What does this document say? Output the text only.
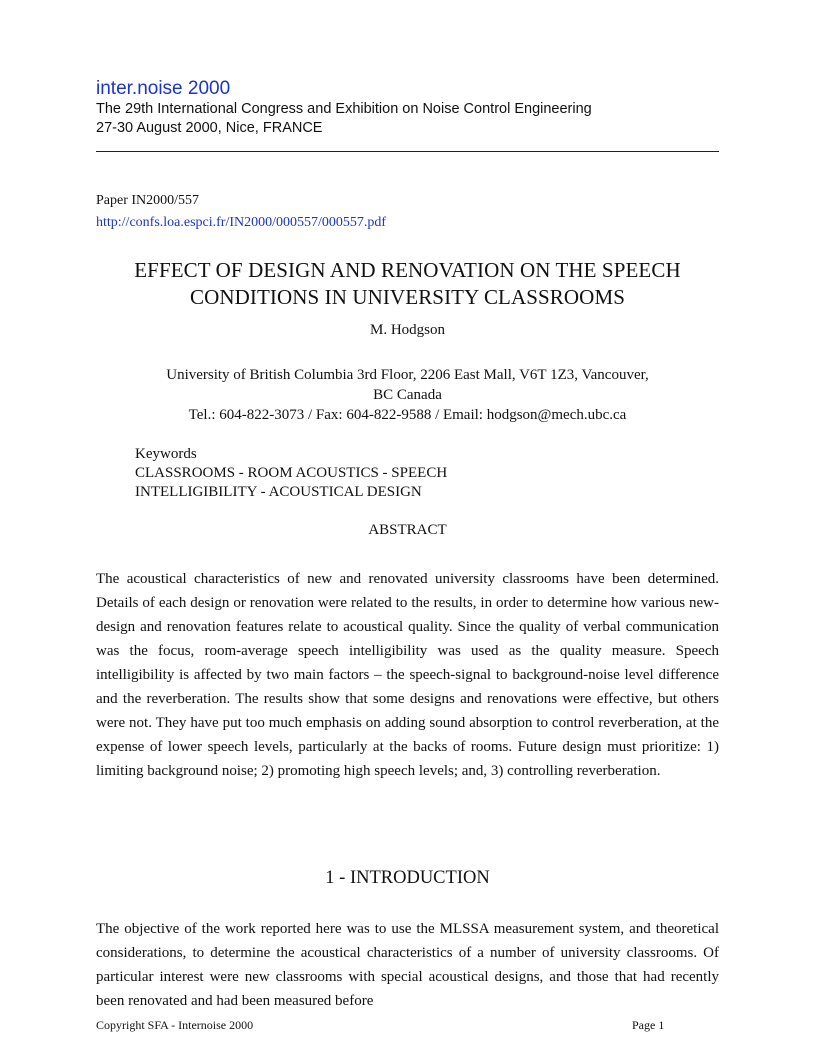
inter.noise 2000
The 29th International Congress and Exhibition on Noise Control Engineering
27-30 August 2000, Nice, FRANCE
Paper IN2000/557
http://confs.loa.espci.fr/IN2000/000557/000557.pdf
EFFECT OF DESIGN AND RENOVATION ON THE SPEECH
CONDITIONS IN UNIVERSITY CLASSROOMS
M. Hodgson
University of British Columbia 3rd Floor, 2206 East Mall, V6T 1Z3, Vancouver,
BC Canada
Tel.: 604-822-3073 / Fax: 604-822-9588 / Email: hodgson@mech.ubc.ca
Keywords
CLASSROOMS - ROOM ACOUSTICS - SPEECH
INTELLIGIBILITY - ACOUSTICAL DESIGN
ABSTRACT

The acoustical characteristics of new and renovated university classrooms have been determined. Details of each design or renovation were related to the results, in order to determine how various new-design and renovation features relate to acoustical quality. Since the quality of verbal communication was the focus, room-average speech intelligibility was used as the quality measure. Speech intelligibility is affected by two main factors – the speech-signal to background-noise level difference and the reverberation. The results show that some designs and renovations were effective, but others were not. They have put too much emphasis on adding sound absorption to control reverberation, at the expense of lower speech levels, particularly at the backs of rooms. Future design must prioritize: 1) limiting background noise; 2) promoting high speech levels; and, 3) controlling reverberation.

1 - INTRODUCTION

The objective of the work reported here was to use the MLSSA measurement system, and theoretical considerations, to determine the acoustical characteristics of a number of university classrooms. Of particular interest were new classrooms with special acoustical designs, and those that had recently been renovated and had been measured before

Copyright SFA - Internoise 2000	Page 1
